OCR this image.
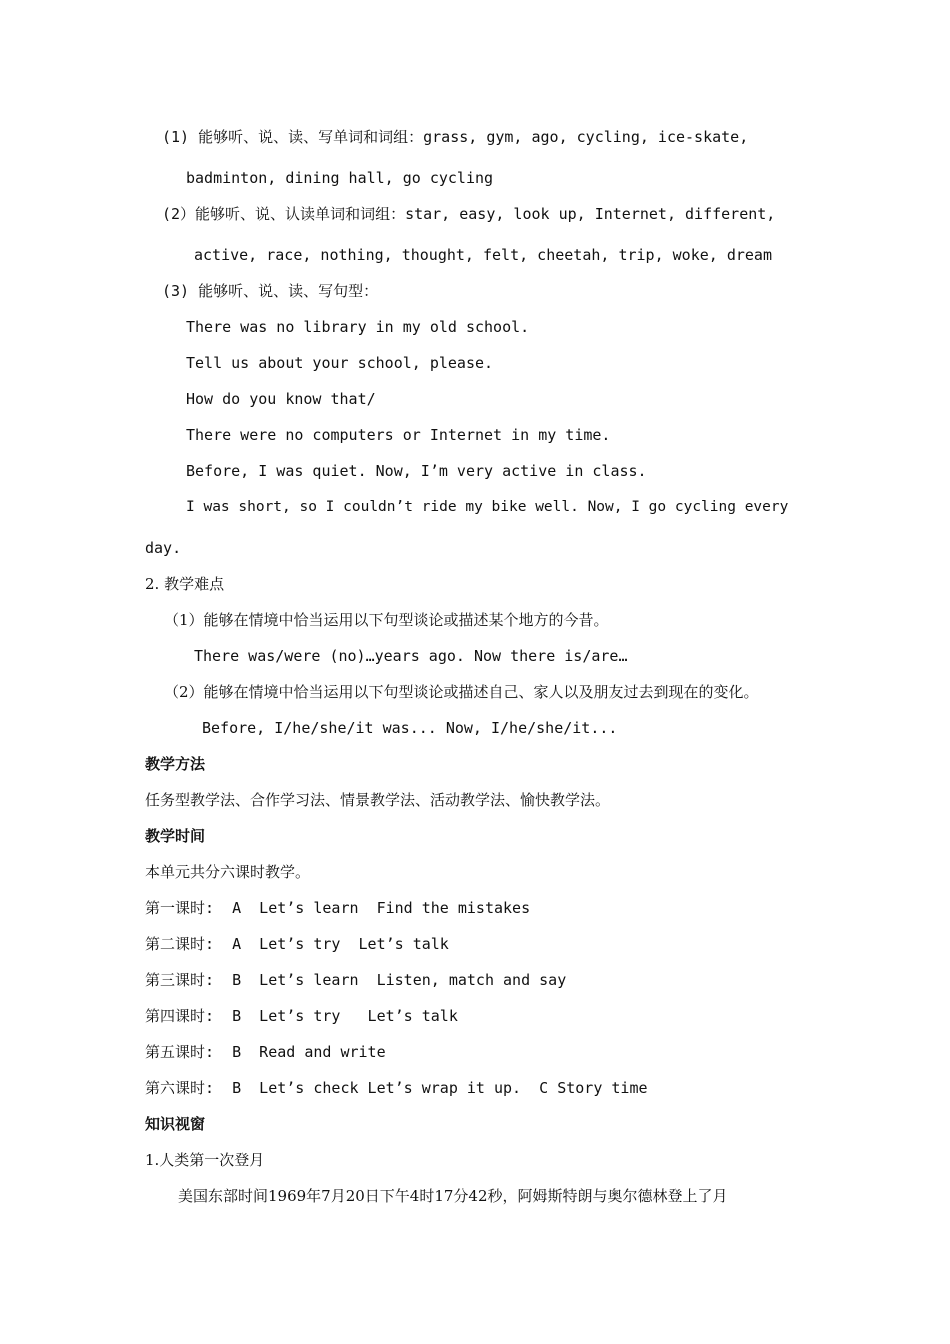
(1) 能够听、说、读、写单词和词组：grass, gym, ago, cycling, ice-skate,
badminton, dining hall, go cycling
(2）能够听、说、认读单词和词组：star, easy, look up, Internet, different,
active, race, nothing, thought, felt, cheetah, trip, woke, dream
(3) 能够听、说、读、写句型：
There was no library in my old school.
Tell us about your school, please.
How do you know that/
There were no computers or Internet in my time.
Before, I was quiet. Now, I’m very active in class.
I was short, so I couldn’t ride my bike well. Now, I go cycling every
day.
2. 教学难点
（1）能够在情境中恰当运用以下句型谈论或描述某个地方的今昔。
There was/were (no)…years ago. Now there is/are…
（2）能够在情境中恰当运用以下句型谈论或描述自己、家人以及朋友过去到现在的变化。
Before, I/he/she/it was... Now, I/he/she/it...
教学方法
任务型教学法、合作学习法、情景教学法、活动教学法、愉快教学法。
教学时间
本单元共分六课时教学。
第一课时:  A  Let’s learn  Find the mistakes
第二课时:  A  Let’s try  Let’s talk
第三课时:  B  Let’s learn  Listen, match and say
第四课时:  B  Let’s try   Let’s talk
第五课时:  B  Read and write
第六课时:  B  Let’s check Let’s wrap it up.  C Story time
知识视窗
1.人类第一次登月
美国东部时间1969年7月20日下午4时17分42秒，阿姆斯特朗与奥尔德林登上了月
